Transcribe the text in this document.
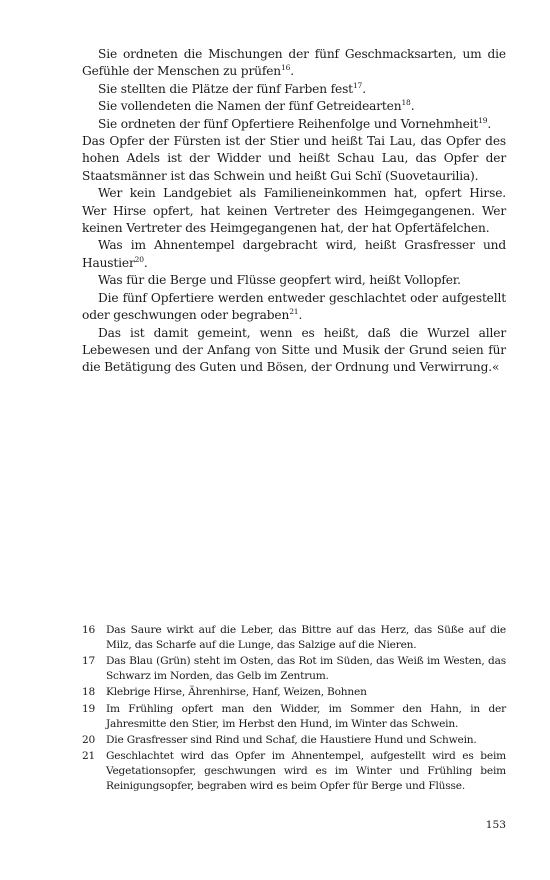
Sie ordneten die Mischungen der fünf Geschmacksarten, um die Gefühle der Menschen zu prüfen$^{16}$.

Sie stellten die Plätze der fünf Farben fest$^{17}$.

Sie vollendeten die Namen der fünf Getreidearten$^{18}$.

Sie ordneten der fünf Opfertiere Reihenfolge und Vornehmheit$^{19}$.

Das Opfer der Fürsten ist der Stier und heißt Tai Lau, das Opfer des hohen Adels ist der Widder und heißt Schau Lau, das Opfer der Staatsmänner ist das Schwein und heißt Gui Schï (Suovetaurilia).

Wer kein Landgebiet als Familieneinkommen hat, opfert Hirse. Wer Hirse opfert, hat keinen Vertreter des Heimgegangenen. Wer keinen Vertreter des Heimgegangenen hat, der hat Opfertäfelchen.

Was im Ahnentempel dargebracht wird, heißt Grasfresser und Haustier$^{20}$.

Was für die Berge und Flüsse geopfert wird, heißt Vollopfer.

Die fünf Opfertiere werden entweder geschlachtet oder aufgestellt oder geschwungen oder begraben$^{21}$.

Das ist damit gemeint, wenn es heißt, daß die Wurzel aller Lebewesen und der Anfang von Sitte und Musik der Grund seien für die Betätigung des Guten und Bösen, der Ordnung und Verwirrung.«

16	Das Saure wirkt auf die Leber, das Bittre auf das Herz, das Süße auf die Milz, das Scharfe auf die Lunge, das Salzige auf die Nieren.
17	Das Blau (Grün) steht im Osten, das Rot im Süden, das Weiß im Westen, das Schwarz im Norden, das Gelb im Zentrum.
18	Klebrige Hirse, Ährenhirse, Hanf, Weizen, Bohnen
19	Im Frühling opfert man den Widder, im Sommer den Hahn, in der Jahresmitte den Stier, im Herbst den Hund, im Winter das Schwein.
20	Die Grasfresser sind Rind und Schaf, die Haustiere Hund und Schwein.
21	Geschlachtet wird das Opfer im Ahnentempel, aufgestellt wird es beim Vegetationsopfer, geschwungen wird es im Winter und Frühling beim Reinigungsopfer, begraben wird es beim Opfer für Berge und Flüsse.
153
